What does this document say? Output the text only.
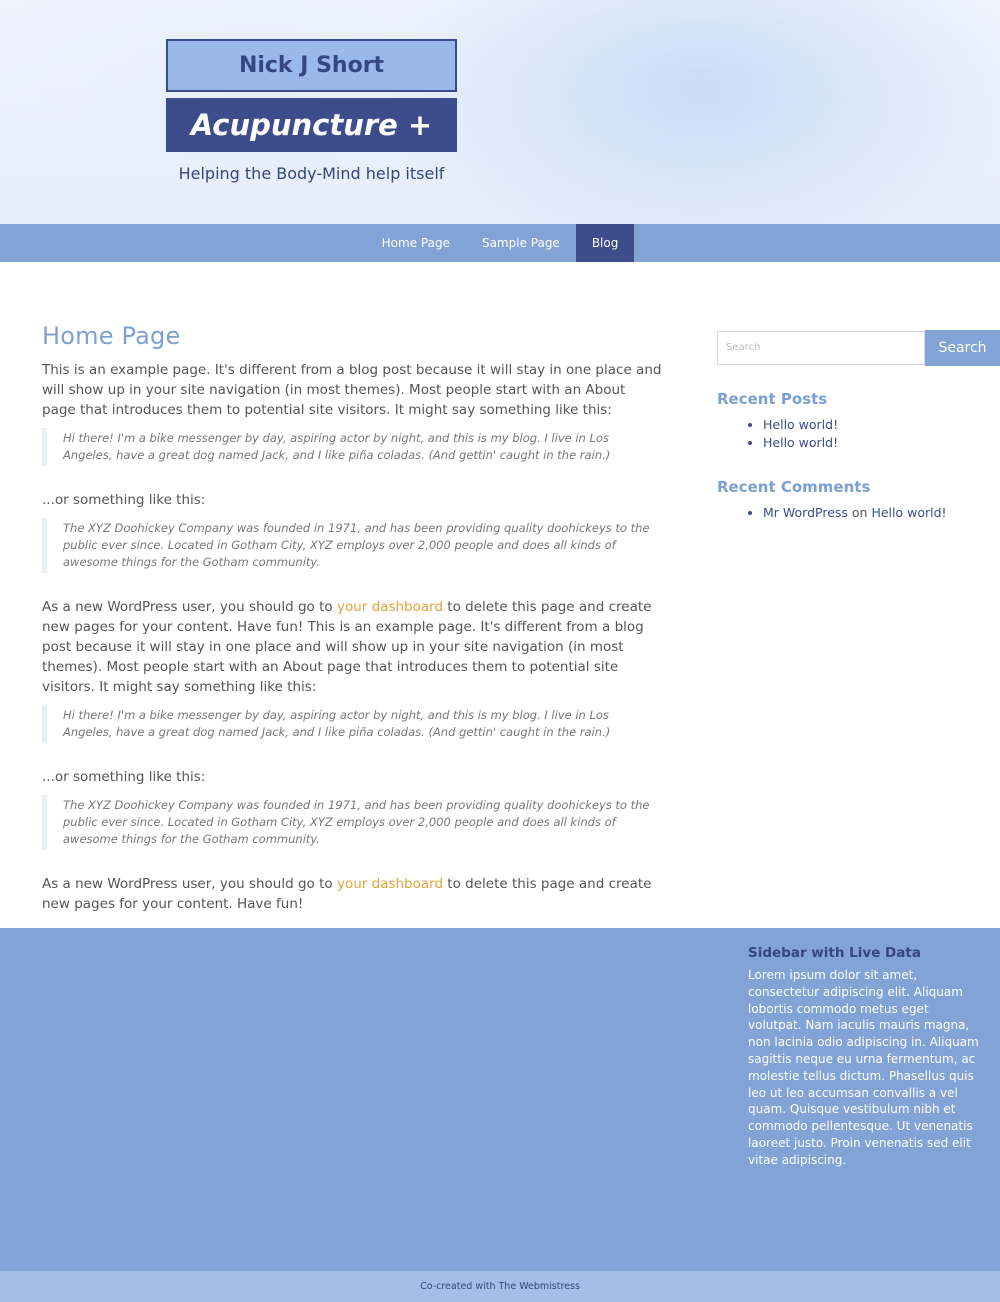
Nick J Short
Acupuncture +
Helping the Body-Mind help itself
Home Page	Sample Page	Blog
Home Page

This is an example page. It's different from a blog post because it will stay in one place and will show up in your site navigation (in most themes). Most people start with an About page that introduces them to potential site visitors. It might say something like this:

Hi there! I'm a bike messenger by day, aspiring actor by night, and this is my blog. I live in Los Angeles, have a great dog named Jack, and I like piña coladas. (And gettin' caught in the rain.)

...or something like this:

The XYZ Doohickey Company was founded in 1971, and has been providing quality doohickeys to the public ever since. Located in Gotham City, XYZ employs over 2,000 people and does all kinds of awesome things for the Gotham community.

As a new WordPress user, you should go to your dashboard to delete this page and create new pages for your content. Have fun! This is an example page. It's different from a blog post because it will stay in one place and will show up in your site navigation (in most themes). Most people start with an About page that introduces them to potential site visitors. It might say something like this:

Hi there! I'm a bike messenger by day, aspiring actor by night, and this is my blog. I live in Los Angeles, have a great dog named Jack, and I like piña coladas. (And gettin' caught in the rain.)

...or something like this:

The XYZ Doohickey Company was founded in 1971, and has been providing quality doohickeys to the public ever since. Located in Gotham City, XYZ employs over 2,000 people and does all kinds of awesome things for the Gotham community.

As a new WordPress user, you should go to your dashboard to delete this page and create new pages for your content. Have fun!

Search	Search
Recent Posts
• Hello world!
• Hello world!
Recent Comments
• Mr WordPress on Hello world!
Sidebar with Live Data
Lorem ipsum dolor sit amet, consectetur adipiscing elit. Aliquam lobortis commodo metus eget volutpat. Nam iaculis mauris magna, non lacinia odio adipiscing in. Aliquam sagittis neque eu urna fermentum, ac molestie tellus dictum. Phasellus quis leo ut leo accumsan convallis a vel quam. Quisque vestibulum nibh et commodo pellentesque. Ut venenatis laoreet justo. Proin venenatis sed elit vitae adipiscing.
Co-created with The Webmistress
